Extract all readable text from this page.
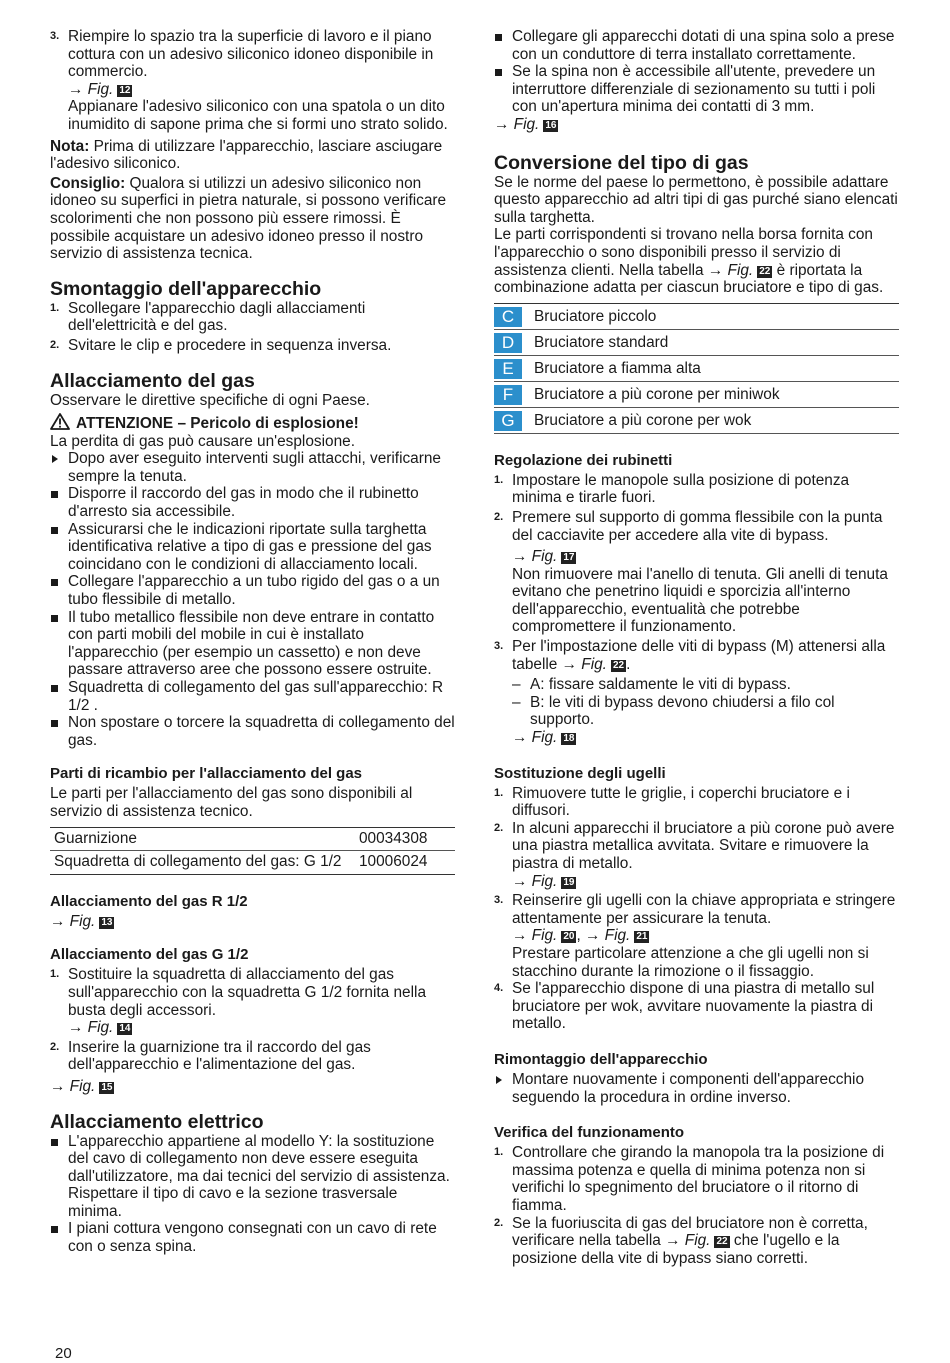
3. Riempire lo spazio tra la superficie di lavoro e il piano cottura con un adesivo siliconico idoneo disponibile in commercio.

→ Fig. 12

Appianare l'adesivo siliconico con una spatola o un dito inumidito di sapone prima che si formi uno strato solido.

Nota: Prima di utilizzare l'apparecchio, lasciare asciugare l'adesivo siliconico.

Consiglio: Qualora si utilizzi un adesivo siliconico non idoneo su superfici in pietra naturale, si possono verificare scolorimenti che non possono più essere rimossi. È possibile acquistare un adesivo idoneo presso il nostro servizio di assistenza tecnica.

Smontaggio dell'apparecchio
1. Scollegare l'apparecchio dagli allacciamenti dell'elettricità e del gas.
2. Svitare le clip e procedere in sequenza inversa.
Allacciamento del gas

Osservare le direttive specifiche di ogni Paese.

ATTENZIONE – Pericolo di esplosione!

La perdita di gas può causare un'esplosione.

Dopo aver eseguito interventi sugli attacchi, verificarne sempre la tenuta.
Disporre il raccordo del gas in modo che il rubinetto d'arresto sia accessibile.
Assicurarsi che le indicazioni riportate sulla targhetta identificativa relative a tipo di gas e pressione del gas coincidano con le condizioni di allacciamento locali.
Collegare l'apparecchio a un tubo rigido del gas o a un tubo flessibile di metallo.
Il tubo metallico flessibile non deve entrare in contatto con parti mobili del mobile in cui è installato l'apparecchio (per esempio un cassetto) e non deve passare attraverso aree che possono essere ostruite.
Squadretta di collegamento del gas sull'apparecchio: R 1/2 .
Non spostare o torcere la squadretta di collegamento del gas.
Parti di ricambio per l'allacciamento del gas

Le parti per l'allacciamento del gas sono disponibili al servizio di assistenza tecnico.

Guarnizione	00034308
Squadretta di collegamento del gas: G 1/2	10006024
Allacciamento del gas R 1/2

→ Fig. 13

Allacciamento del gas G 1/2
1. Sostituire la squadretta di allacciamento del gas sull'apparecchio con la squadretta G 1/2 fornita nella busta degli accessori.

→ Fig. 14

2. Inserire la guarnizione tra il raccordo del gas dell'apparecchio e l'alimentazione del gas.

→ Fig. 15

Allacciamento elettrico
L'apparecchio appartiene al modello Y: la sostituzione del cavo di collegamento non deve essere eseguita dall'utilizzatore, ma dai tecnici del servizio di assistenza. Rispettare il tipo di cavo e la sezione trasversale minima.
I piani cottura vengono consegnati con un cavo di rete con o senza spina.
Collegare gli apparecchi dotati di una spina solo a prese con un conduttore di terra installato correttamente.
Se la spina non è accessibile all'utente, prevedere un interruttore differenziale di sezionamento su tutti i poli con un'apertura minima dei contatti di 3 mm.

→ Fig. 16

Conversione del tipo di gas

Se le norme del paese lo permettono, è possibile adattare questo apparecchio ad altri tipi di gas purché siano elencati sulla targhetta.

Le parti corrispondenti si trovano nella borsa fornita con l'apparecchio o sono disponibili presso il servizio di assistenza clienti. Nella tabella → Fig. 22 è riportata la combinazione adatta per ciascun bruciatore e tipo di gas.

C Bruciatore piccolo
D Bruciatore standard
E Bruciatore a fiamma alta
F Bruciatore a più corone per miniwok
G Bruciatore a più corone per wok
Regolazione dei rubinetti
1. Impostare le manopole sulla posizione di potenza minima e tirarle fuori.
2. Premere sul supporto di gomma flessibile con la punta del cacciavite per accedere alla vite di bypass.

→ Fig. 17

Non rimuovere mai l'anello di tenuta. Gli anelli di tenuta evitano che penetrino liquidi e sporcizia all'interno dell'apparecchio, eventualità che potrebbe compromettere il funzionamento.

3. Per l'impostazione delle viti di bypass (M) attenersi alla tabelle → Fig. 22 .

– A: fissare saldamente le viti di bypass.
– B: le viti di bypass devono chiudersi a filo col supporto.

→ Fig. 18

Sostituzione degli ugelli
1. Rimuovere tutte le griglie, i coperchi bruciatore e i diffusori.
2. In alcuni apparecchi il bruciatore a più corone può avere una piastra metallica avvitata. Svitare e rimuovere la piastra di metallo.

→ Fig. 19

3. Reinserire gli ugelli con la chiave appropriata e stringere attentamente per assicurare la tenuta.

→ Fig. 20 , → Fig. 21

Prestare particolare attenzione a che gli ugelli non si stacchino durante la rimozione o il fissaggio.

4. Se l'apparecchio dispone di una piastra di metallo sul bruciatore per wok, avvitare nuovamente la piastra di metallo.
Rimontaggio dell'apparecchio
Montare nuovamente i componenti dell'apparecchio seguendo la procedura in ordine inverso.
Verifica del funzionamento
1. Controllare che girando la manopola tra la posizione di massima potenza e quella di minima potenza non si verifichi lo spegnimento del bruciatore o il ritorno di fiamma.
2. Se la fuoriuscita di gas del bruciatore non è corretta, verificare nella tabella → Fig. 22 che l'ugello e la posizione della vite di bypass siano corretti.

20
